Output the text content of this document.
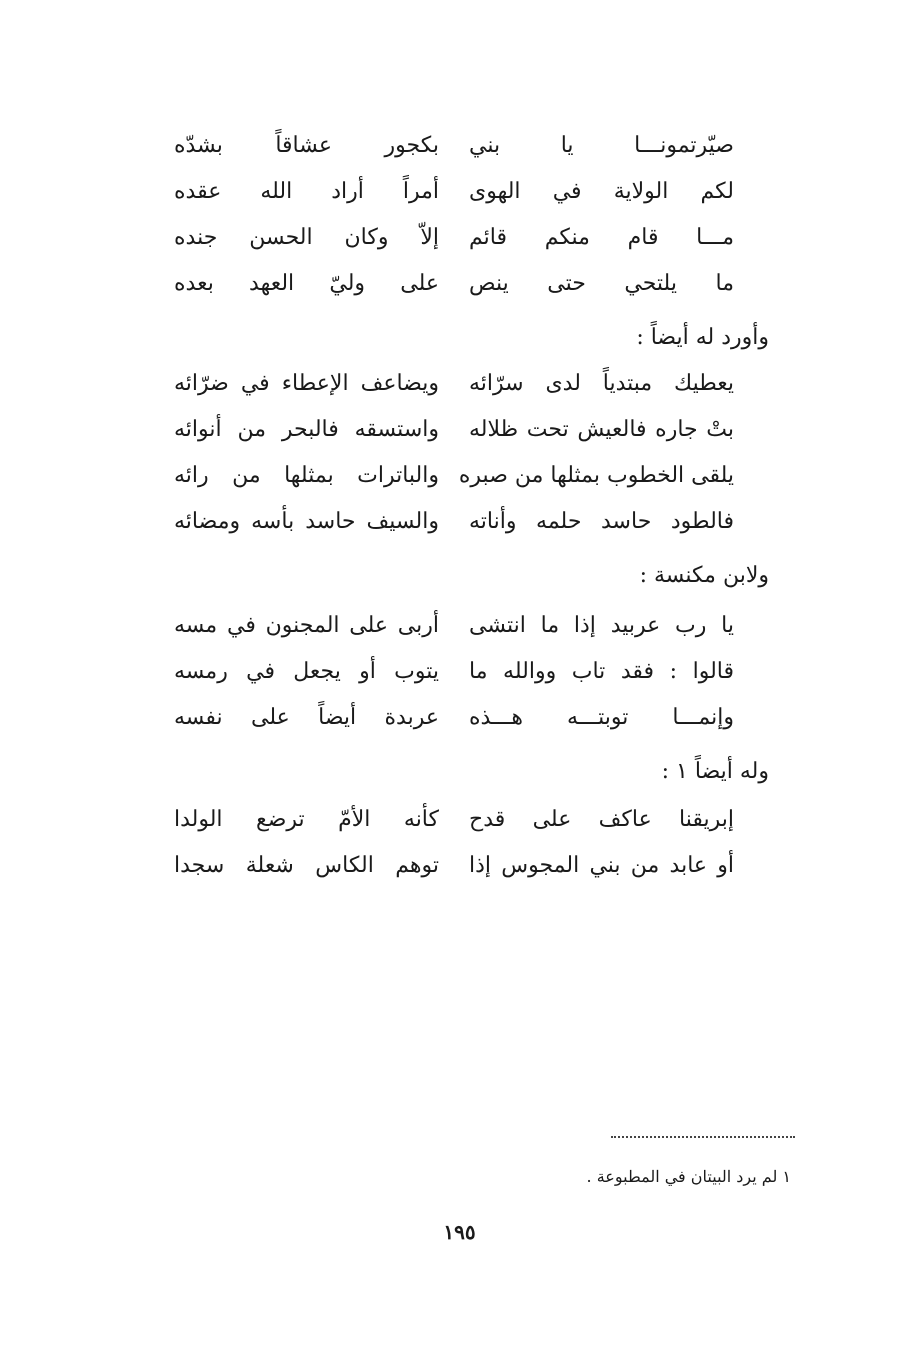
صيّرتمونـــا يا بني
بكجور عشاقاً بشدّه
لكم الولاية في الهوى
أمراً أراد الله عقده
مـــا قام منكم قائم
إلاّ وكان الحسن جنده
ما يلتحي حتى ينص
على وليّ العهد بعده
وأورد له أيضاً :
يعطيك مبتدياً لدى سرّائه
ويضاعف الإعطاء في ضرّائه
بتْ جاره فالعيش تحت ظلاله
واستسقه فالبحر من أنوائه
يلقى الخطوب بمثلها من صبره
والباترات بمثلها من رائه
فالطود حاسد حلمه وأناته
والسيف حاسد بأسه ومضائه
ولابن مكنسة :
يا رب عربيد إذا ما انتشى
أربى على المجنون في مسه
قالوا : فقد تاب ووالله ما
يتوب أو يجعل في رمسه
وإنمـــا توبتـــه هـــذه
عربدة أيضاً على نفسه
وله أيضاً ١ :
إبريقنا عاكف على قدح
كأنه الأمّ ترضع الولدا
أو عابد من بني المجوس إذا
توهم الكاس شعلة سجدا
١ لم يرد البيتان في المطبوعة .
١٩٥
